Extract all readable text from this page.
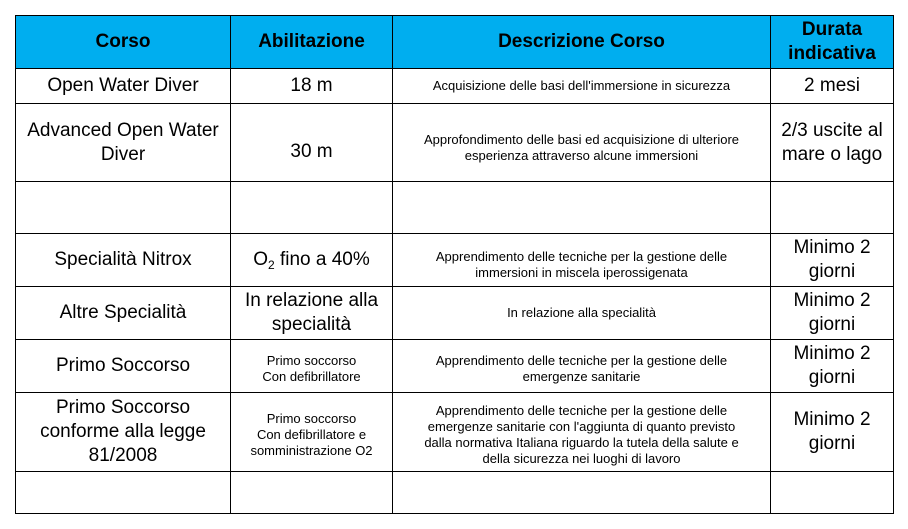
Corso	Abilitazione	Descrizione Corso	Durata
indicativa

Open Water Diver	18 m	Acquisizione delle basi dell'immersione in sicurezza	2 mesi

Advanced Open Water
Diver	30 m	Approfondimento delle basi ed acquisizione di ulteriore
esperienza attraverso alcune immersioni	2/3 uscite al
mare o lago

Specialità Nitrox	$O_2$ fino a 40%	Apprendimento delle tecniche per la gestione delle
immersioni in miscela iperossigenata	Minimo 2
giorni

Altre Specialità	In relazione alla
specialità	In relazione alla specialità	Minimo 2
giorni

Primo Soccorso	Primo soccorso
Con defibrillatore	Apprendimento delle tecniche per la gestione delle
emergenze sanitarie	Minimo 2
giorni

Primo Soccorso
conforme alla legge
81/2008	Primo soccorso
Con defibrillatore e
somministrazione O2	Apprendimento delle tecniche per la gestione delle
emergenze sanitarie con l'aggiunta di quanto previsto
dalla normativa Italiana riguardo la tutela della salute e
della sicurezza nei luoghi di lavoro	Minimo 2
giorni
